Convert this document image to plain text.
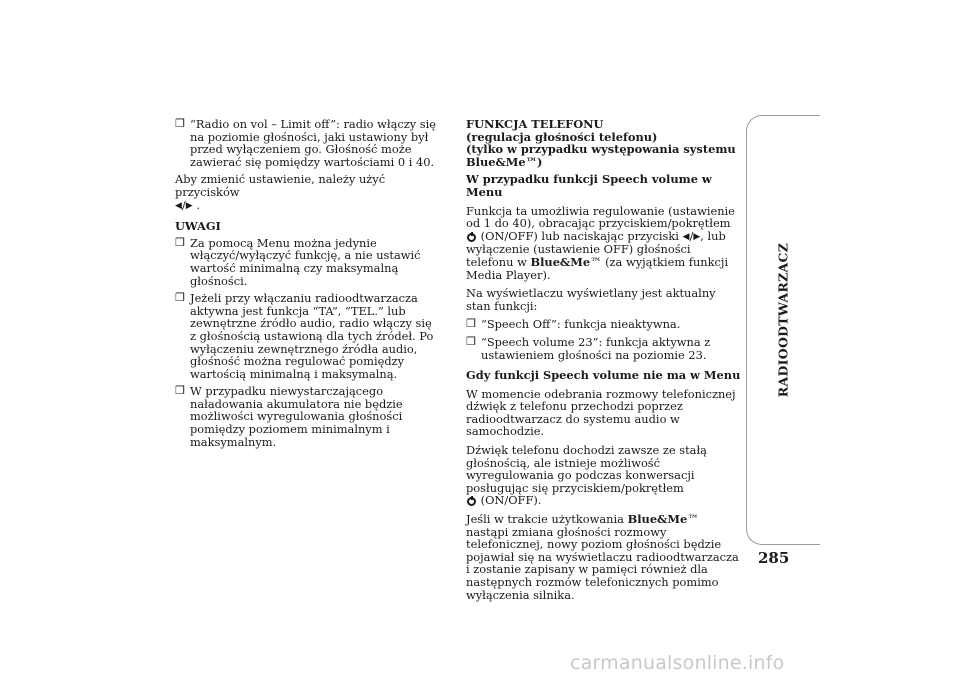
❒ “Radio on vol – Limit off”: radio włączy się na poziomie głośności, jaki ustawiony był przed wyłączeniem go. Głośność może zawierać się pomiędzy wartościami 0 i 40.

Aby zmienić ustawienie, należy użyć przycisków
◀/▶ .

UWAGI

❒ Za pomocą Menu można jedynie włączyć/wyłączyć funkcję, a nie ustawić wartość minimalną czy maksymalną głośności.
❒ Jeżeli przy włączaniu radioodtwarzacza aktywna jest funkcja “TA”, “TEL.” lub zewnętrzne źródło audio, radio włączy się z głośnością ustawioną dla tych źródeł. Po wyłączeniu zewnętrznego źródła audio, głośność można regulować pomiędzy wartością minimalną i maksymalną.
❒ W przypadku niewystarczającego naładowania akumulatora nie będzie możliwości wyregulowania głośności pomiędzy poziomem minimalnym i maksymalnym.
FUNKCJA TELEFONU
(regulacja głośności telefonu)
(tylko w przypadku występowania systemu Blue&Me™)

W przypadku funkcji Speech volume w Menu

Funkcja ta umożliwia regulowanie (ustawienie od 1 do 40), obracając przyciskiem/pokrętłem  (ON/OFF) lub naciskając przyciski ◀/▶, lub wyłączenie (ustawienie OFF) głośności telefonu w Blue&Me™ (za wyjątkiem funkcji Media Player).

Na wyświetlaczu wyświetlany jest aktualny stan funkcji:

❒ “Speech Off”: funkcja nieaktywna.
❒ “Speech volume 23”: funkcja aktywna z ustawieniem głośności na poziomie 23.

Gdy funkcji Speech volume nie ma w Menu

W momencie odebrania rozmowy telefonicznej dźwięk z telefonu przechodzi poprzez radioodtwarzacz do systemu audio w samochodzie.

Dźwięk telefonu dochodzi zawsze ze stałą głośnością, ale istnieje możliwość wyregulowania go podczas konwersacji posługując się przyciskiem/pokrętłem
(ON/OFF).

Jeśli w trakcie użytkowania Blue&Me™ nastąpi zmiana głośności rozmowy telefonicznej, nowy poziom głośności będzie pojawiał się na wyświetlaczu radioodtwarzacza i zostanie zapisany w pamięci również dla następnych rozmów telefonicznych pomimo wyłączenia silnika.

RADIOODTWARZACZ
285
carmanualsonline.info
